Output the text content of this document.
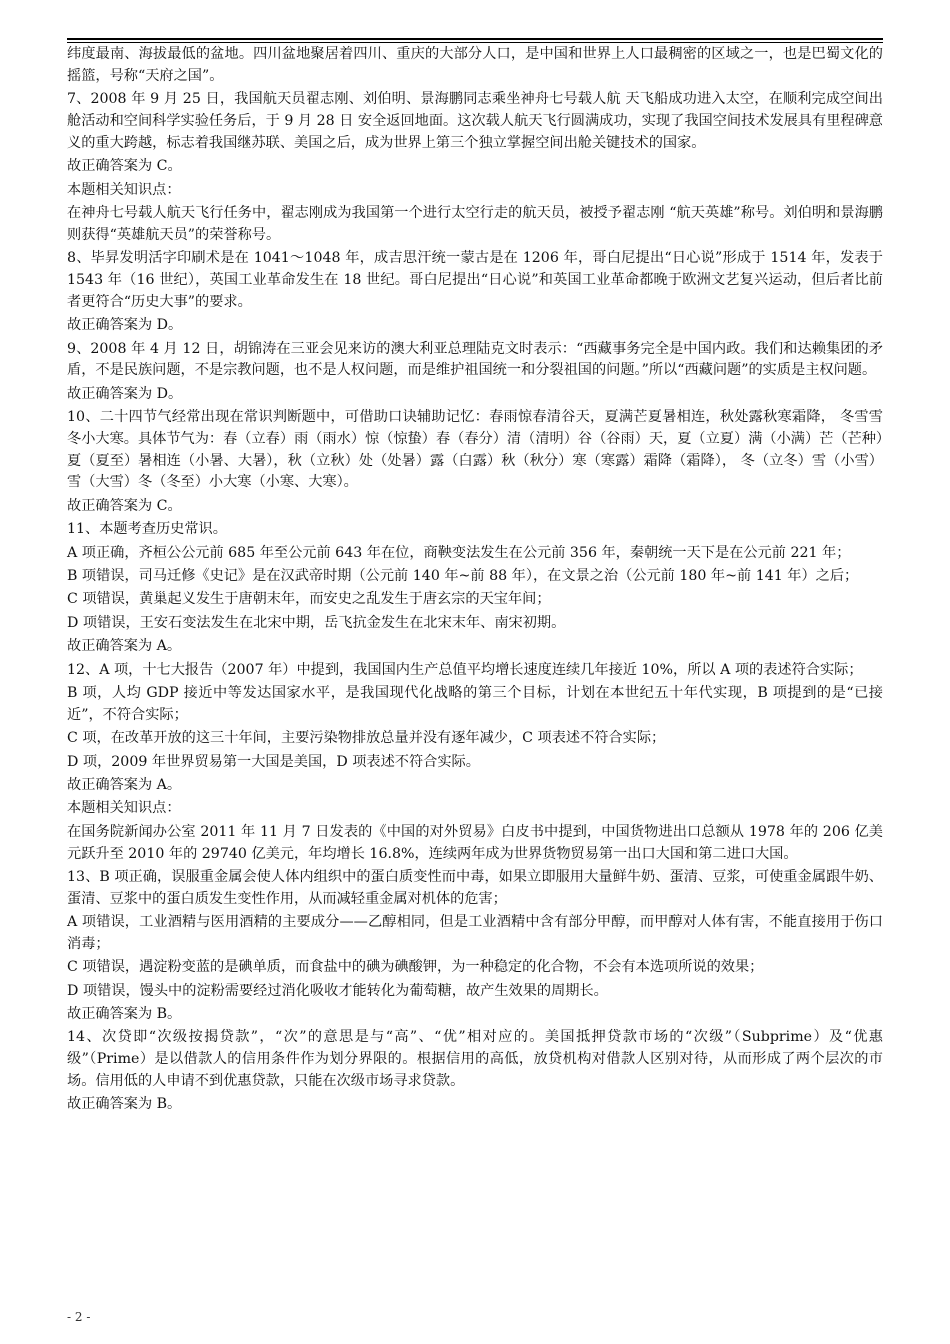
纬度最南、海拔最低的盆地。四川盆地聚居着四川、重庆的大部分人口，是中国和世界上人口最稠密的区域之一，也是巴蜀文化的摇篮，号称“天府之国”。

7、2008 年 9 月 25 日，我国航天员翟志刚、刘伯明、景海鹏同志乘坐神舟七号载人航 天飞船成功进入太空，在顺利完成空间出舱活动和空间科学实验任务后，于 9 月 28 日 安全返回地面。这次载人航天飞行圆满成功，实现了我国空间技术发展具有里程碑意 义的重大跨越，标志着我国继苏联、美国之后，成为世界上第三个独立掌握空间出舱关键技术的国家。

故正确答案为 C。

本题相关知识点：

在神舟七号载人航天飞行任务中，翟志刚成为我国第一个进行太空行走的航天员，被授予翟志刚 “航天英雄”称号。刘伯明和景海鹏则获得“英雄航天员”的荣誉称号。

8、毕昇发明活字印刷术是在 1041～1048 年，成吉思汗统一蒙古是在 1206 年，哥白尼提出“日心说”形成于 1514 年，发表于 1543 年（16 世纪），英国工业革命发生在 18 世纪。哥白尼提出“日心说”和英国工业革命都晚于欧洲文艺复兴运动，但后者比前者更符合“历史大事”的要求。

故正确答案为 D。

9、2008 年 4 月 12 日，胡锦涛在三亚会见来访的澳大利亚总理陆克文时表示：“西藏事务完全是中国内政。我们和达赖集团的矛盾，不是民族问题，不是宗教问题，也不是人权问题，而是维护祖国统一和分裂祖国的问题。”所以“西藏问题”的实质是主权问题。

故正确答案为 D。

10、二十四节气经常出现在常识判断题中，可借助口诀辅助记忆：春雨惊春清谷天，夏满芒夏暑相连，秋处露秋寒霜降， 冬雪雪冬小大寒。具体节气为：春（立春）雨（雨水）惊（惊蛰）春（春分）清（清明）谷（谷雨）天，夏（立夏）满（小满）芒（芒种）夏（夏至）暑相连（小暑、大暑），秋（立秋）处（处暑）露（白露）秋（秋分）寒（寒露）霜降（霜降）， 冬（立冬）雪（小雪）雪（大雪）冬（冬至）小大寒（小寒、大寒）。

故正确答案为 C。

11、本题考查历史常识。

A 项正确，齐桓公公元前 685 年至公元前 643 年在位，商鞅变法发生在公元前 356 年，秦朝统一天下是在公元前 221 年；

B 项错误，司马迁修《史记》是在汉武帝时期（公元前 140 年~前 88 年），在文景之治（公元前 180 年~前 141 年）之后；

C 项错误，黄巢起义发生于唐朝末年，而安史之乱发生于唐玄宗的天宝年间；

D 项错误，王安石变法发生在北宋中期，岳飞抗金发生在北宋末年、南宋初期。

故正确答案为 A。

12、A 项，十七大报告（2007 年）中提到，我国国内生产总值平均增长速度连续几年接近 10%，所以 A 项的表述符合实际；

B 项，人均 GDP 接近中等发达国家水平，是我国现代化战略的第三个目标，计划在本世纪五十年代实现，B 项提到的是“已接近”，不符合实际；

C 项，在改革开放的这三十年间，主要污染物排放总量并没有逐年减少，C 项表述不符合实际；

D 项，2009 年世界贸易第一大国是美国，D 项表述不符合实际。

故正确答案为 A。

本题相关知识点：

在国务院新闻办公室 2011 年 11 月 7 日发表的《中国的对外贸易》白皮书中提到，中国货物进出口总额从 1978 年的 206 亿美元跃升至 2010 年的 29740 亿美元，年均增长 16.8%，连续两年成为世界货物贸易第一出口大国和第二进口大国。

13、B 项正确，误服重金属会使人体内组织中的蛋白质变性而中毒，如果立即服用大量鲜牛奶、蛋清、豆浆，可使重金属跟牛奶、蛋清、豆浆中的蛋白质发生变性作用，从而减轻重金属对机体的危害；

A 项错误，工业酒精与医用酒精的主要成分——乙醇相同，但是工业酒精中含有部分甲醇，而甲醇对人体有害，不能直接用于伤口消毒；

C 项错误，遇淀粉变蓝的是碘单质，而食盐中的碘为碘酸钾，为一种稳定的化合物，不会有本选项所说的效果；

D 项错误，馒头中的淀粉需要经过消化吸收才能转化为葡萄糖，故产生效果的周期长。

故正确答案为 B。

14、次贷即“次级按揭贷款”，“次”的意思是与“高”、“优”相对应的。美国抵押贷款市场的“次级”（Subprime）及“优惠级”（Prime）是以借款人的信用条件作为划分界限的。根据信用的高低，放贷机构对借款人区别对待，从而形成了两个层次的市场。信用低的人申请不到优惠贷款，只能在次级市场寻求贷款。

故正确答案为 B。

- 2 -
